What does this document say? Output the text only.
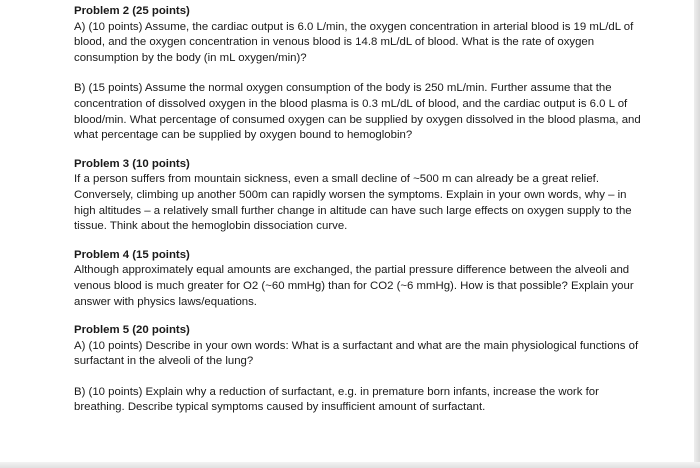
Problem 2 (25 points)

A) (10 points) Assume, the cardiac output is 6.0 L/min, the oxygen concentration in arterial blood is 19 mL/dL of blood, and the oxygen concentration in venous blood is 14.8 mL/dL of blood. What is the rate of oxygen consumption by the body (in mL oxygen/min)?

B) (15 points) Assume the normal oxygen consumption of the body is 250 mL/min. Further assume that the concentration of dissolved oxygen in the blood plasma is 0.3 mL/dL of blood, and the cardiac output is 6.0 L of blood/min. What percentage of consumed oxygen can be supplied by oxygen dissolved in the blood plasma, and what percentage can be supplied by oxygen bound to hemoglobin?

Problem 3 (10 points)

If a person suffers from mountain sickness, even a small decline of ~500 m can already be a great relief. Conversely, climbing up another 500m can rapidly worsen the symptoms. Explain in your own words, why – in high altitudes – a relatively small further change in altitude can have such large effects on oxygen supply to the tissue. Think about the hemoglobin dissociation curve.

Problem 4 (15 points)

Although approximately equal amounts are exchanged, the partial pressure difference between the alveoli and venous blood is much greater for O2 (~60 mmHg) than for CO2 (~6 mmHg). How is that possible? Explain your answer with physics laws/equations.

Problem 5 (20 points)

A) (10 points) Describe in your own words: What is a surfactant and what are the main physiological functions of surfactant in the alveoli of the lung?

B) (10 points) Explain why a reduction of surfactant, e.g. in premature born infants, increase the work for breathing. Describe typical symptoms caused by insufficient amount of surfactant.
